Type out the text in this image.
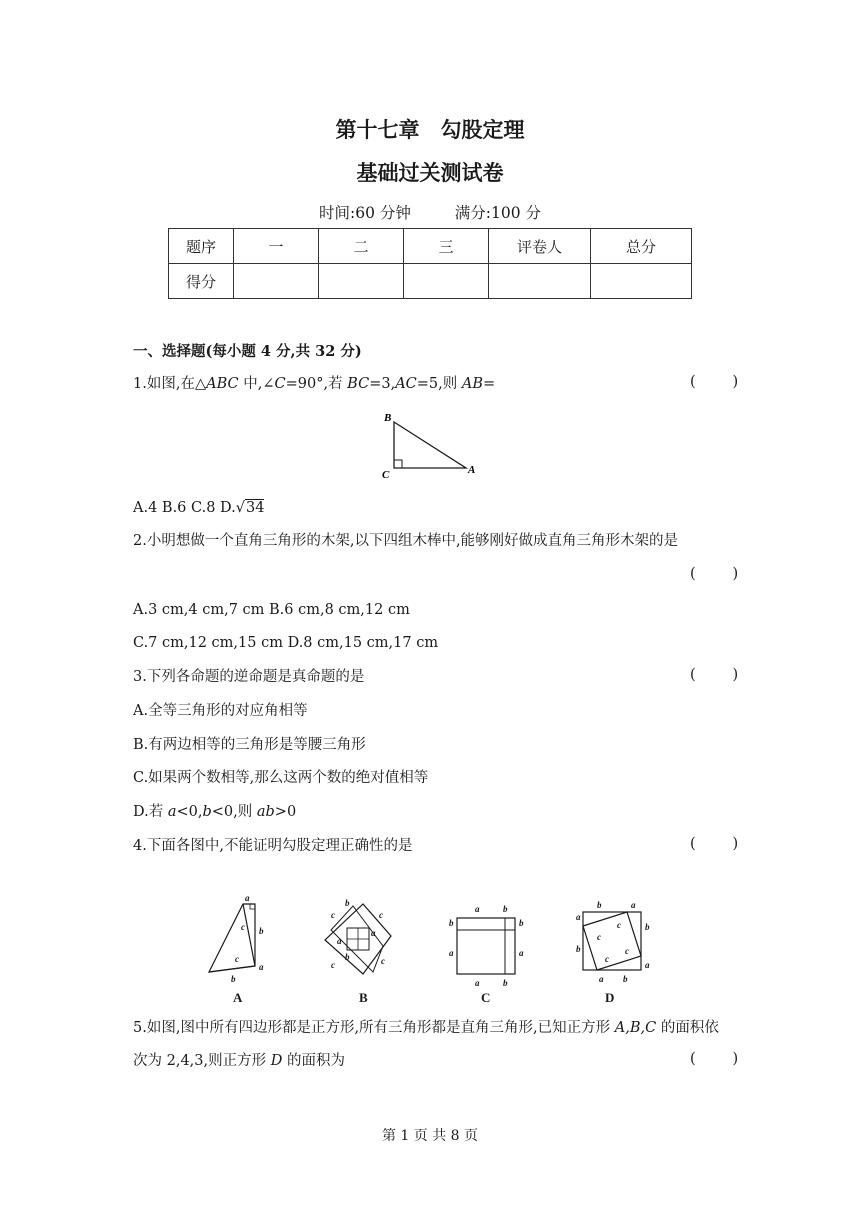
第十七章　勾股定理
基础过关测试卷
时间:60 分钟	满分:100 分
题序	一	二	三	评卷人	总分
得分					
一、选择题(每小题 4 分,共 32 分)
1.如图,在△ABC 中,∠C=90°,若 BC=3,AC=5,则 AB=	(        )
B
C	A
A.4 B.6 C.8 D.√34
2.小明想做一个直角三角形的木架,以下四组木棒中,能够刚好做成直角三角形木架的是
(        )
A.3 cm,4 cm,7 cm B.6 cm,8 cm,12 cm
C.7 cm,12 cm,15 cm D.8 cm,15 cm,17 cm
3.下列各命题的逆命题是真命题的是	(        )
A.全等三角形的对应角相等
B.有两边相等的三角形是等腰三角形
C.如果两个数相等,那么这两个数的绝对值相等
D.若 a<0,b<0,则 ab>0
4.下面各图中,不能证明勾股定理正确性的是	(        )
a
b
c
c
a
b
A
c
b
c
a
a
b
c	c
B
a	b
b
a
b
a
a	b
C
a
b	a
b
b
a
a b
c
c
c
c
D
5.如图,图中所有四边形都是正方形,所有三角形都是直角三角形,已知正方形 A,B,C 的面积依
次为 2,4,3,则正方形 D 的面积为	(        )
第 1 页 共 8 页
